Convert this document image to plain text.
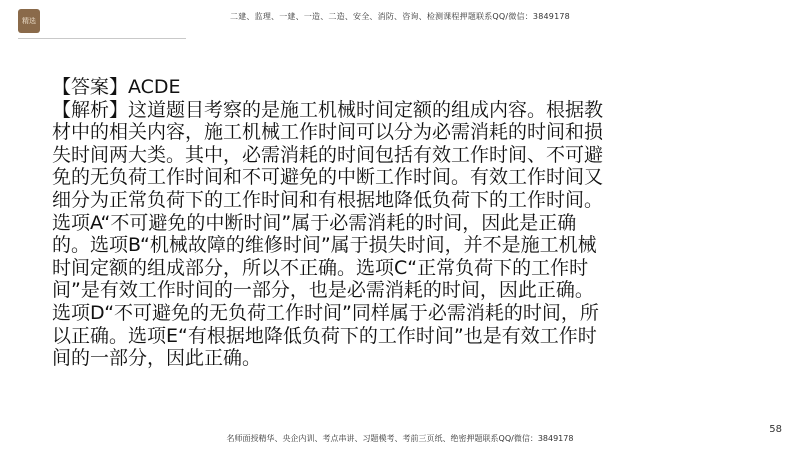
精选	二建、监理、一建、一造、二造、安全、消防、咨询、检测课程押题联系QQ/微信：3849178

【答案】ACDE

【解析】这道题目考察的是施工机械时间定额的组成内容。根据教材中的相关内容，施工机械工作时间可以分为必需消耗的时间和损失时间两大类。其中，必需消耗的时间包括有效工作时间、不可避免的无负荷工作时间和不可避免的中断工作时间。有效工作时间又细分为正常负荷下的工作时间和有根据地降低负荷下的工作时间。

选项A“不可避免的中断时间”属于必需消耗的时间，因此是正确的。选项B“机械故障的维修时间”属于损失时间，并不是施工机械时间定额的组成部分，所以不正确。选项C“正常负荷下的工作时间”是有效工作时间的一部分，也是必需消耗的时间，因此正确。选项D“不可避免的无负荷工作时间”同样属于必需消耗的时间，所以正确。选项E“有根据地降低负荷下的工作时间”也是有效工作时间的一部分，因此正确。

58
名师面授精华、央企内训、考点串讲、习题模考、考前三页纸、绝密押题联系QQ/微信：3849178
